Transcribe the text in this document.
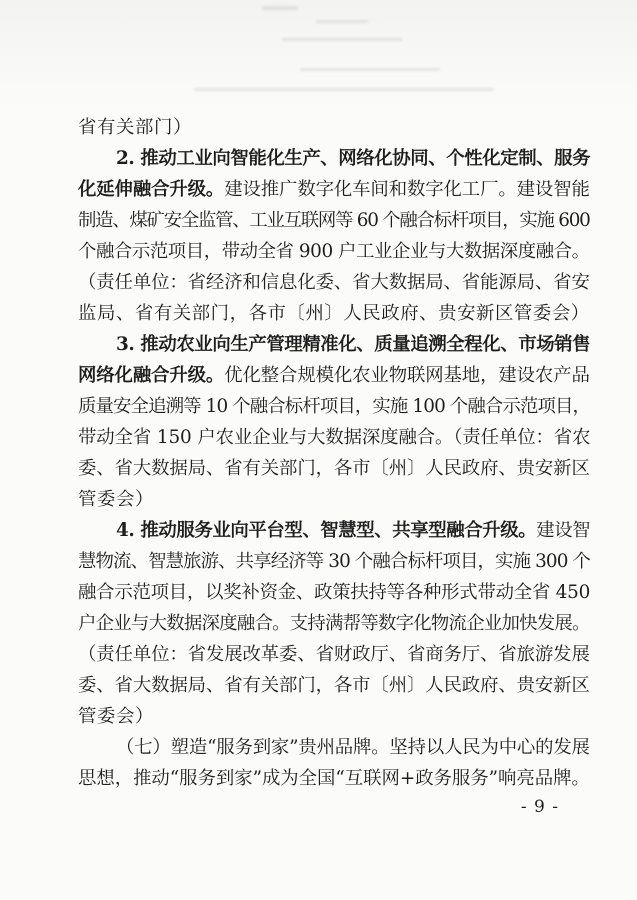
省有关部门）
2. 推动工业向智能化生产、网络化协同、个性化定制、服务
化延伸融合升级。建设推广数字化车间和数字化工厂。建设智能
制造、煤矿安全监管、工业互联网等 60 个融合标杆项目，实施 600
个融合示范项目，带动全省 900 户工业企业与大数据深度融合。
（责任单位：省经济和信息化委、省大数据局、省能源局、省安
监局、省有关部门，各市〔州〕人民政府、贵安新区管委会）
3. 推动农业向生产管理精准化、质量追溯全程化、市场销售
网络化融合升级。优化整合规模化农业物联网基地，建设农产品
质量安全追溯等 10 个融合标杆项目，实施 100 个融合示范项目，
带动全省 150 户农业企业与大数据深度融合。（责任单位：省农
委、省大数据局、省有关部门，各市〔州〕人民政府、贵安新区
管委会）
4. 推动服务业向平台型、智慧型、共享型融合升级。建设智
慧物流、智慧旅游、共享经济等 30 个融合标杆项目，实施 300 个
融合示范项目，以奖补资金、政策扶持等各种形式带动全省 450
户企业与大数据深度融合。支持满帮等数字化物流企业加快发展。
（责任单位：省发展改革委、省财政厅、省商务厅、省旅游发展
委、省大数据局、省有关部门，各市〔州〕人民政府、贵安新区
管委会）
（七）塑造“服务到家”贵州品牌。坚持以人民为中心的发展
思想，推动“服务到家”成为全国“互联网+政务服务”响亮品牌。
- 9 -
